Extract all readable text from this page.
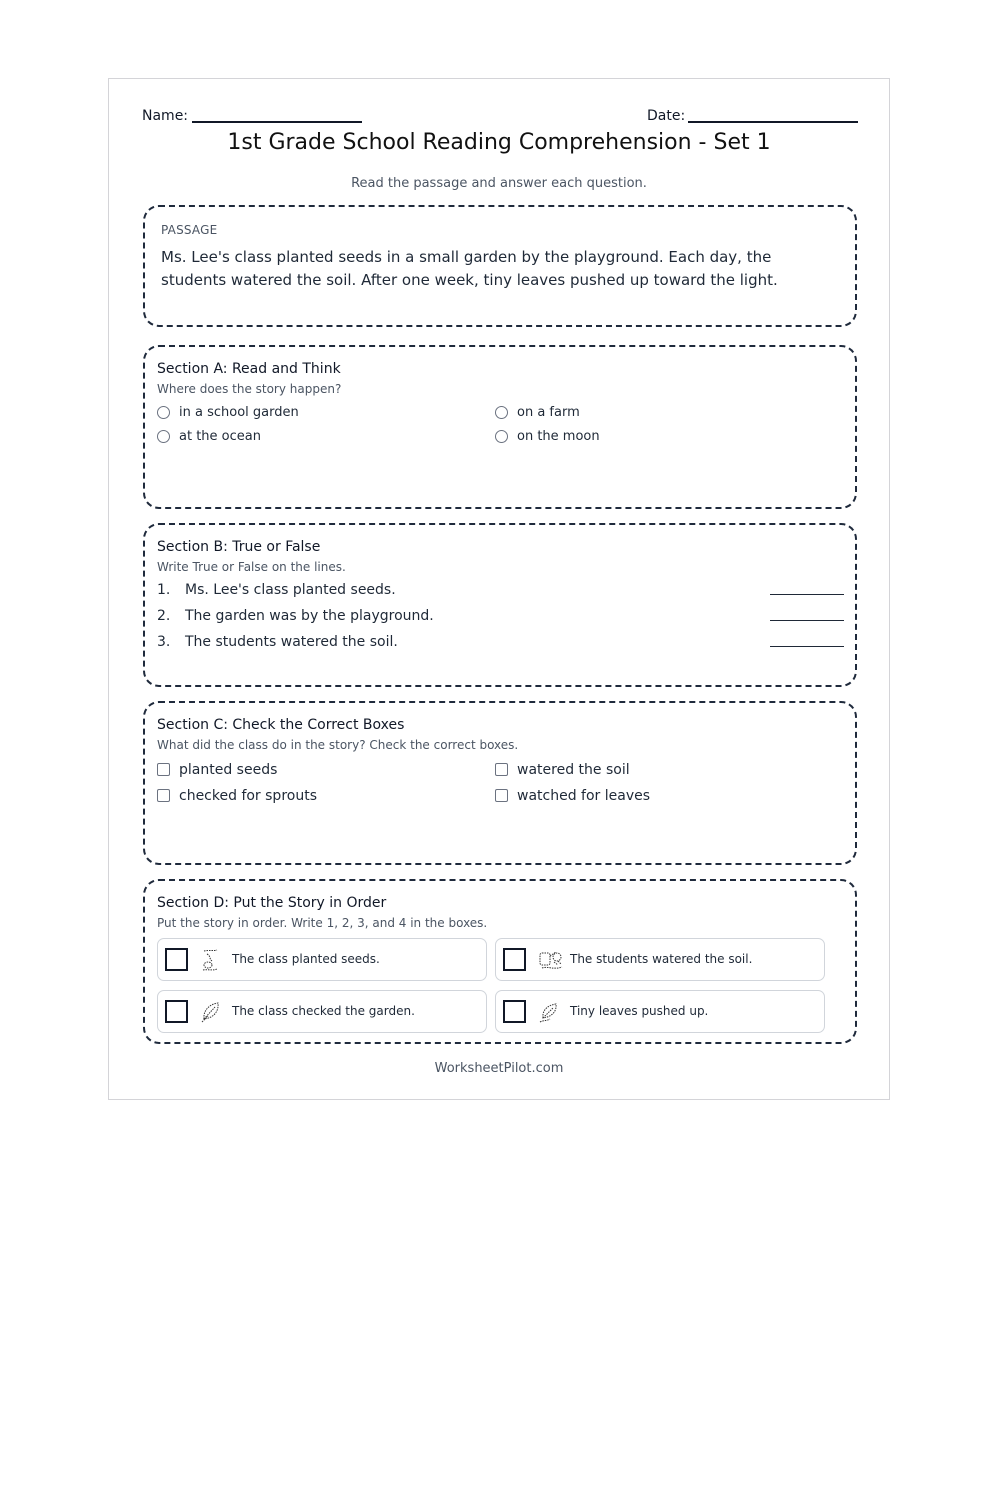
Name:	Date:
1st Grade School Reading Comprehension - Set 1
Read the passage and answer each question.
PASSAGE
Ms. Lee's class planted seeds in a small garden by the playground. Each day, the students watered the soil. After one week, tiny leaves pushed up toward the light.
Section A: Read and Think
Where does the story happen?
in a school garden	on a farm
at the ocean	on the moon
Section B: True or False
Write True or False on the lines.
1. Ms. Lee's class planted seeds.
2. The garden was by the playground.
3. The students watered the soil.
Section C: Check the Correct Boxes
What did the class do in the story? Check the correct boxes.
planted seeds	watered the soil
checked for sprouts	watched for leaves
Section D: Put the Story in Order
Put the story in order. Write 1, 2, 3, and 4 in the boxes.
The class planted seeds.	The students watered the soil.
The class checked the garden.	Tiny leaves pushed up.
WorksheetPilot.com
